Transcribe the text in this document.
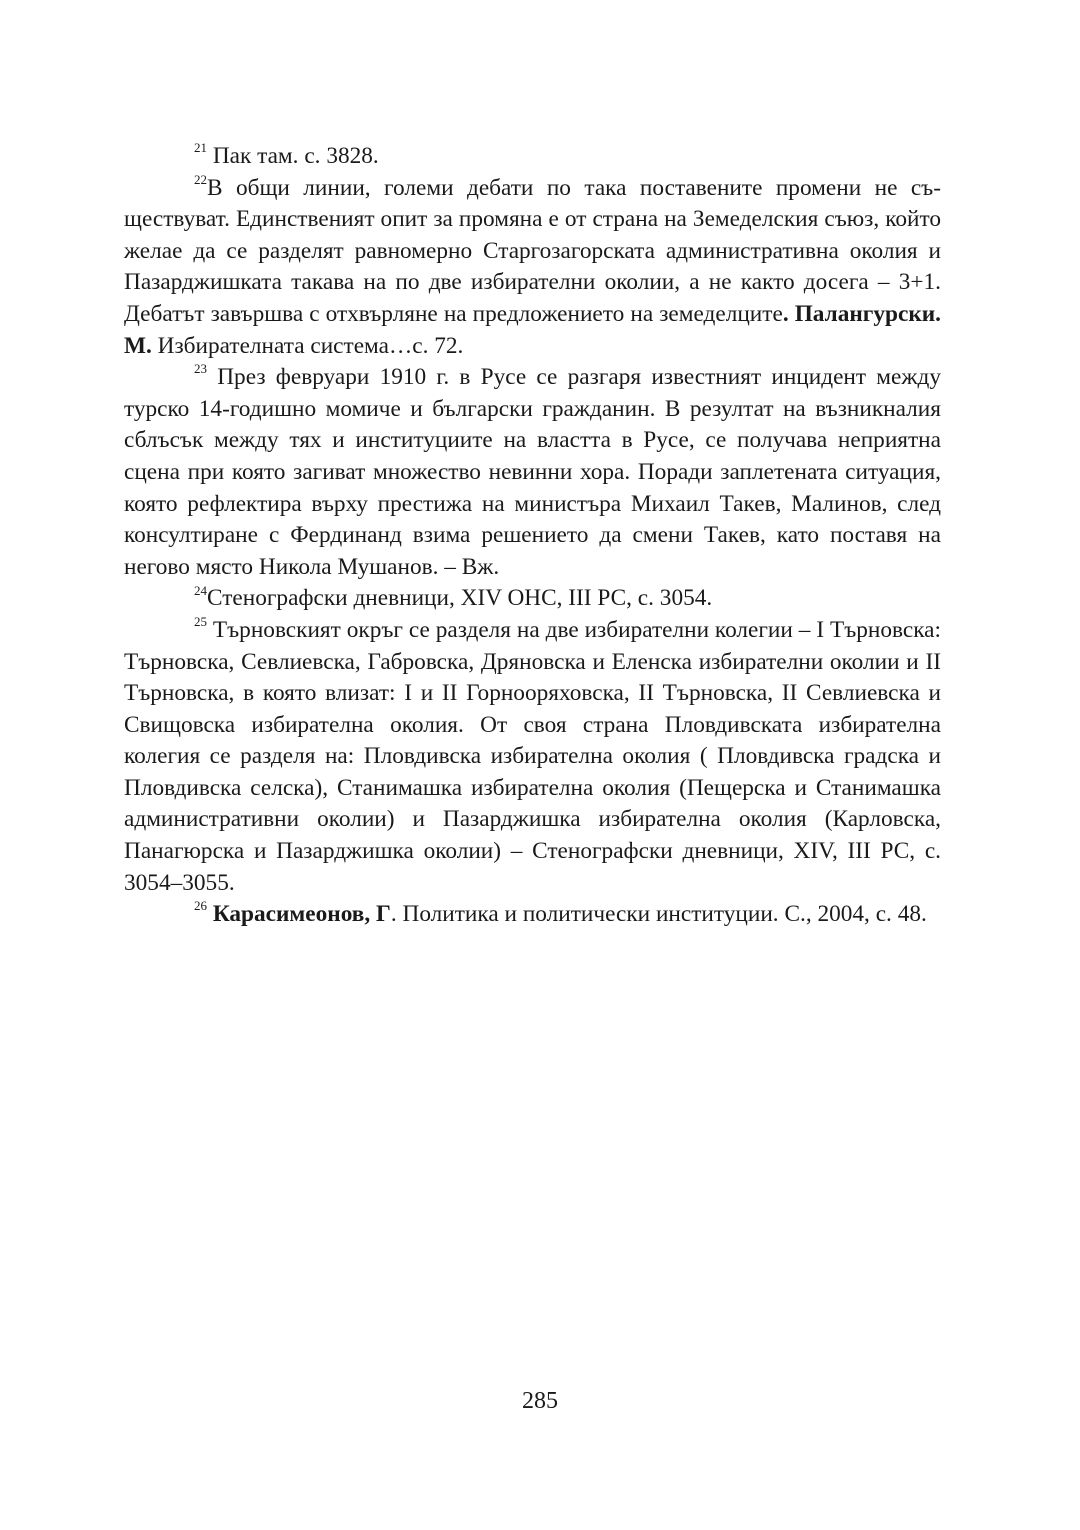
$^{21}$ Пак там. с. 3828.

$^{22}$В общи линии, големи дебати по така поставените промени не съществуват. Единственият опит за промяна е от страна на Земеделския съюз, който желае да се разделят равномерно Старгозагорската административна околия и Пазарджишката такава на по две избирателни околии, а не както досега – 3+1. Дебатът завършва с отхвърляне на предложението на земеделците. Палангурски. М. Избирателната система…с. 72.

$^{23}$ През февруари 1910 г. в Русе се разгаря известният инцидент между турско 14-годишно момиче и български гражданин. В резултат на възникналия сблъсък между тях и институциите на властта в Русе, се получава неприятна сцена при която загиват множество невинни хора. Поради заплетената ситуация, която рефлектира върху престижа на министъра Михаил Такев, Малинов, след консултиране с Фердинанд взима решението да смени Такев, като поставя на негово място Никола Мушанов. – Вж.

$^{24}$Стенографски дневници, XIV ОНС, III РС, с. 3054.

$^{25}$ Търновският окръг се разделя на две избирателни колегии – I Търновска: Търновска, Севлиевска, Габровска, Дряновска и Еленска избирателни околии и II Търновска, в която влизат: I и II Горнооряховска, II Търновска, II Севлиевска и Свищовска избирателна околия. От своя страна Пловдивската избирателна колегия се разделя на: Пловдивска избирателна околия ( Пловдивска градска и Пловдивска селска), Станимашка избирателна околия (Пещерска и Станимашка административни околии) и Пазарджишка избирателна околия (Карловска, Панагюрска и Пазарджишка околии) – Стенографски дневници, XIV, III РС, с. 3054–3055.

$^{26}$ Карасимеонов, Г. Политика и политически институции. С., 2004, с. 48.

285
